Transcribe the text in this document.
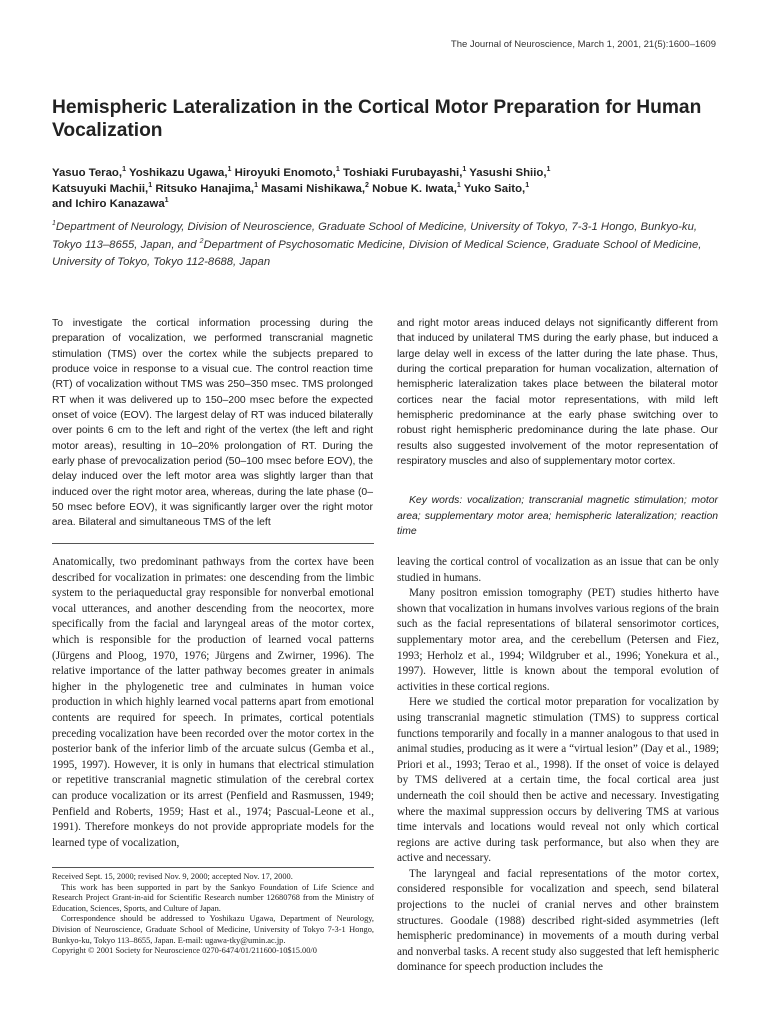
The Journal of Neuroscience, March 1, 2001, 21(5):1600–1609
Hemispheric Lateralization in the Cortical Motor Preparation for Human Vocalization
Yasuo Terao,$^1$ Yoshikazu Ugawa,$^1$ Hiroyuki Enomoto,$^1$ Toshiaki Furubayashi,$^1$ Yasushi Shiio,$^1$
Katsuyuki Machii,$^1$ Ritsuko Hanajima,$^1$ Masami Nishikawa,$^2$ Nobue K. Iwata,$^1$ Yuko Saito,$^1$
and Ichiro Kanazawa$^1$
$^1$Department of Neurology, Division of Neuroscience, Graduate School of Medicine, University of Tokyo, 7-3-1 Hongo, Bunkyo-ku, Tokyo 113–8655, Japan, and $^2$Department of Psychosomatic Medicine, Division of Medical Science, Graduate School of Medicine, University of Tokyo, Tokyo 112-8688, Japan
To investigate the cortical information processing during the preparation of vocalization, we performed transcranial magnetic stimulation (TMS) over the cortex while the subjects prepared to produce voice in response to a visual cue. The control reaction time (RT) of vocalization without TMS was 250–350 msec. TMS prolonged RT when it was delivered up to 150–200 msec before the expected onset of voice (EOV). The largest delay of RT was induced bilaterally over points 6 cm to the left and right of the vertex (the left and right motor areas), resulting in 10–20% prolongation of RT. During the early phase of prevocalization period (50–100 msec before EOV), the delay induced over the left motor area was slightly larger than that induced over the right motor area, whereas, during the late phase (0–50 msec before EOV), it was significantly larger over the right motor area. Bilateral and simultaneous TMS of the left
and right motor areas induced delays not significantly different from that induced by unilateral TMS during the early phase, but induced a large delay well in excess of the latter during the late phase. Thus, during the cortical preparation for human vocalization, alternation of hemispheric lateralization takes place between the bilateral motor cortices near the facial motor representations, with mild left hemispheric predominance at the early phase switching over to robust right hemispheric predominance during the late phase. Our results also suggested involvement of the motor representation of respiratory muscles and also of supplementary motor cortex.
Key words: vocalization; transcranial magnetic stimulation; motor area; supplementary motor area; hemispheric lateralization; reaction time

Anatomically, two predominant pathways from the cortex have been described for vocalization in primates: one descending from the limbic system to the periaqueductal gray responsible for nonverbal emotional vocal utterances, and another descending from the neocortex, more specifically from the facial and laryngeal areas of the motor cortex, which is responsible for the production of learned vocal patterns (Jürgens and Ploog, 1970, 1976; Jürgens and Zwirner, 1996). The relative importance of the latter pathway becomes greater in animals higher in the phylogenetic tree and culminates in human voice production in which highly learned vocal patterns apart from emotional contents are required for speech. In primates, cortical potentials preceding vocalization have been recorded over the motor cortex in the posterior bank of the inferior limb of the arcuate sulcus (Gemba et al., 1995, 1997). However, it is only in humans that electrical stimulation or repetitive transcranial magnetic stimulation of the cerebral cortex can produce vocalization or its arrest (Penfield and Rasmussen, 1949; Penfield and Roberts, 1959; Hast et al., 1974; Pascual-Leone et al., 1991). Therefore monkeys do not provide appropriate models for the learned type of vocalization,

leaving the cortical control of vocalization as an issue that can be only studied in humans.

Many positron emission tomography (PET) studies hitherto have shown that vocalization in humans involves various regions of the brain such as the facial representations of bilateral sensorimotor cortices, supplementary motor area, and the cerebellum (Petersen and Fiez, 1993; Herholz et al., 1994; Wildgruber et al., 1996; Yonekura et al., 1997). However, little is known about the temporal evolution of activities in these cortical regions.

Here we studied the cortical motor preparation for vocalization by using transcranial magnetic stimulation (TMS) to suppress cortical functions temporarily and focally in a manner analogous to that used in animal studies, producing as it were a “virtual lesion” (Day et al., 1989; Priori et al., 1993; Terao et al., 1998). If the onset of voice is delayed by TMS delivered at a certain time, the focal cortical area just underneath the coil should then be active and necessary. Investigating where the maximal suppression occurs by delivering TMS at various time intervals and locations would reveal not only which cortical regions are active during task performance, but also when they are active and necessary.

The laryngeal and facial representations of the motor cortex, considered responsible for vocalization and speech, send bilateral projections to the nuclei of cranial nerves and other brainstem structures. Goodale (1988) described right-sided asymmetries (left hemispheric predominance) in movements of a mouth during verbal and nonverbal tasks. A recent study also suggested that left hemispheric dominance for speech production includes the

Received Sept. 15, 2000; revised Nov. 9, 2000; accepted Nov. 17, 2000.

This work has been supported in part by the Sankyo Foundation of Life Science and Research Project Grant-in-aid for Scientific Research number 12680768 from the Ministry of Education, Sciences, Sports, and Culture of Japan.

Correspondence should be addressed to Yoshikazu Ugawa, Department of Neurology, Division of Neuroscience, Graduate School of Medicine, University of Tokyo 7-3-1 Hongo, Bunkyo-ku, Tokyo 113–8655, Japan. E-mail: ugawa-tky@umin.ac.jp.

Copyright © 2001 Society for Neuroscience 0270-6474/01/211600-10$15.00/0
